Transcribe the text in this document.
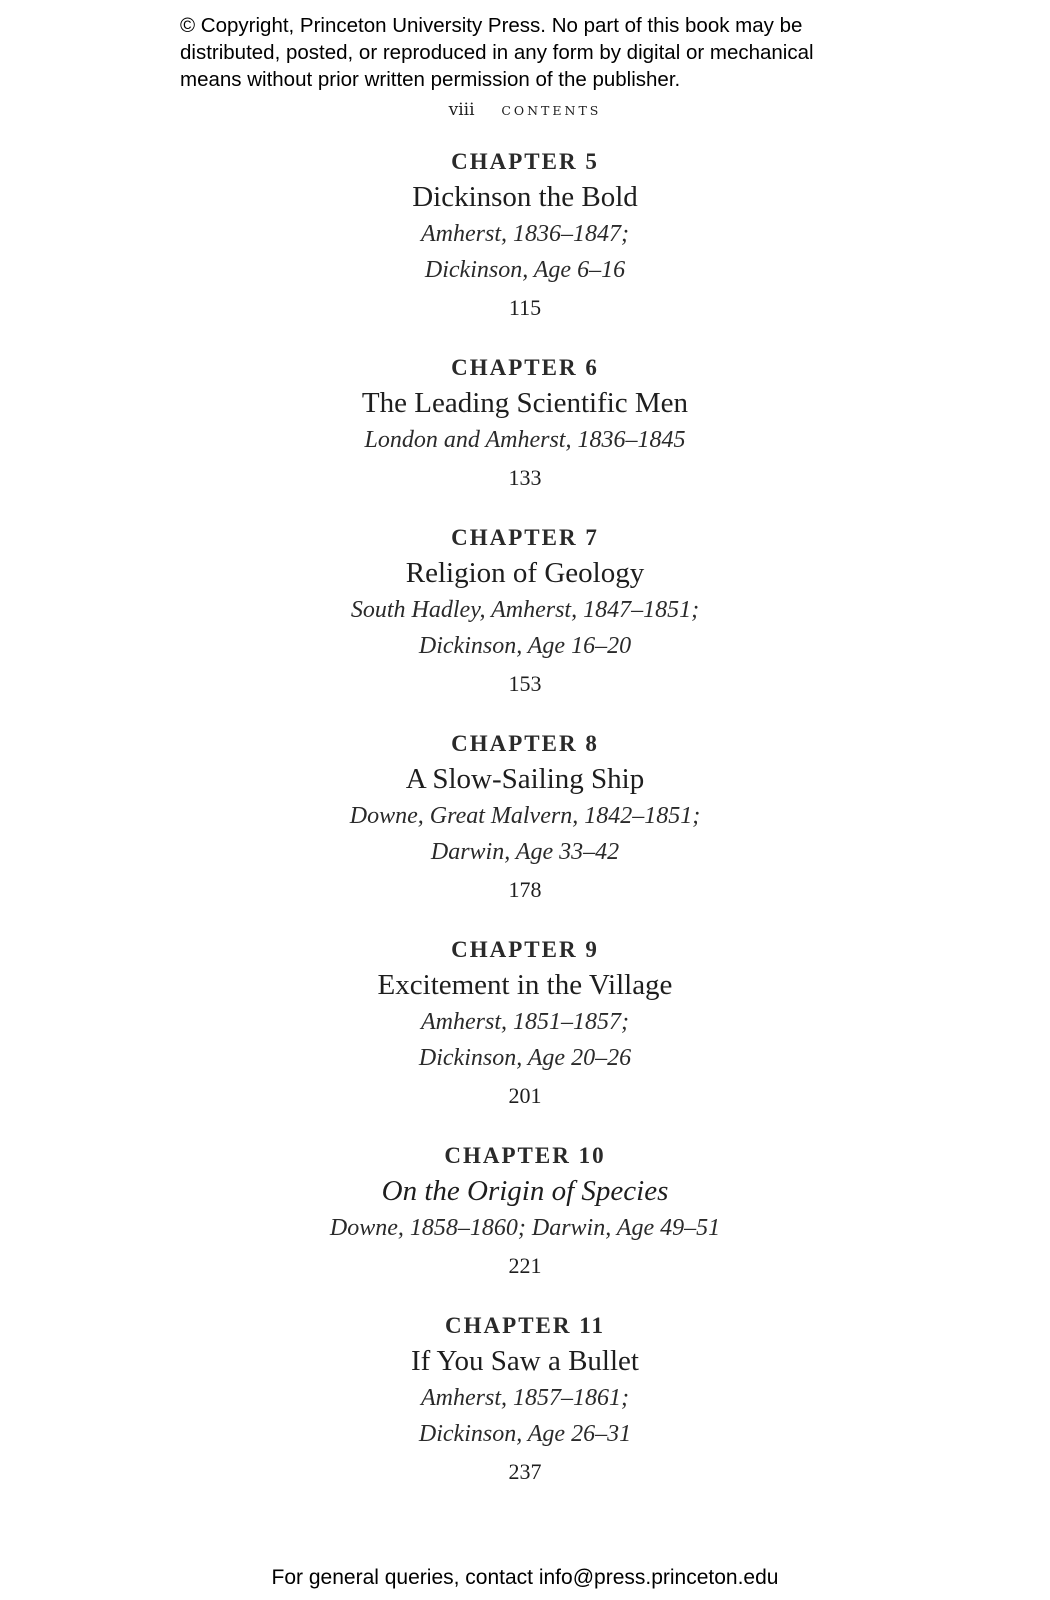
© Copyright, Princeton University Press. No part of this book may be
distributed, posted, or reproduced in any form by digital or mechanical
means without prior written permission of the publisher.
viii CONTENTS
CHAPTER 5
Dickinson the Bold
Amherst, 1836–1847;
Dickinson, Age 6–16
115
CHAPTER 6
The Leading Scientific Men
London and Amherst, 1836–1845
133
CHAPTER 7
Religion of Geology
South Hadley, Amherst, 1847–1851;
Dickinson, Age 16–20
153
CHAPTER 8
A Slow-Sailing Ship
Downe, Great Malvern, 1842–1851;
Darwin, Age 33–42
178
CHAPTER 9
Excitement in the Village
Amherst, 1851–1857;
Dickinson, Age 20–26
201
CHAPTER 10
On the Origin of Species
Downe, 1858–1860; Darwin, Age 49–51
221
CHAPTER 11
If You Saw a Bullet
Amherst, 1857–1861;
Dickinson, Age 26–31
237
For general queries, contact info@press.princeton.edu
